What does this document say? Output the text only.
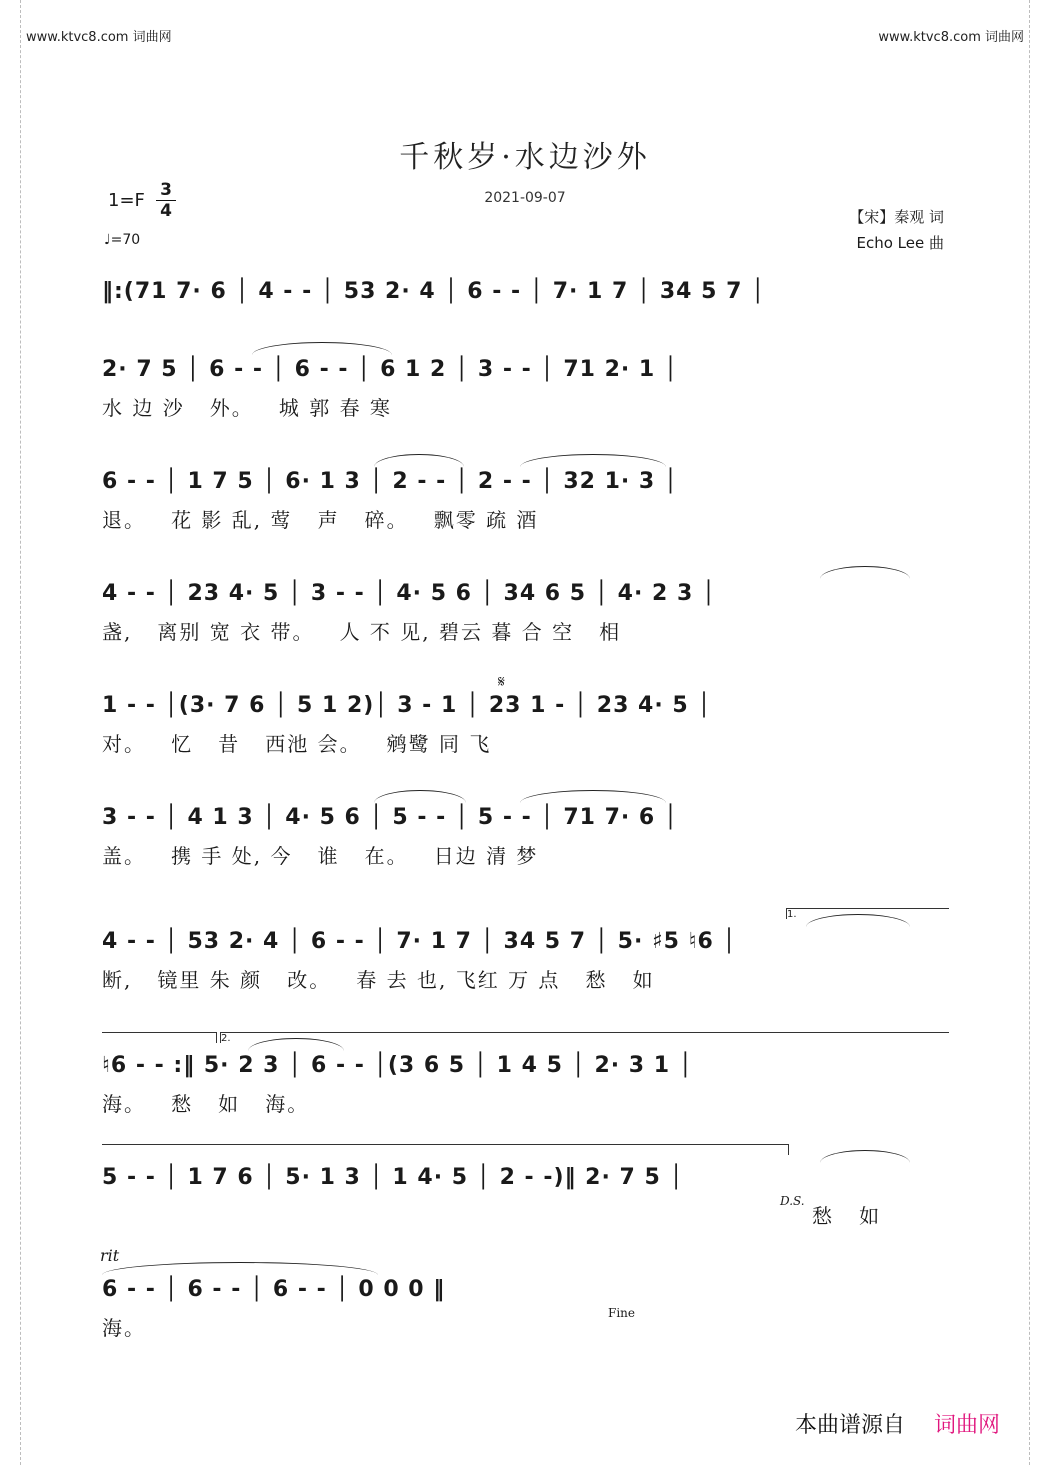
www.ktvc8.com 词曲网	www.ktvc8.com 词曲网
千秋岁·水边沙外
2021-09-07
1=F 3
4
♩=70
【宋】秦观 词
Echo Lee 曲
‖:(71 7· 6 │ 4 - - │ 53 2· 4 │ 6 - - │ 7· 1 7 │ 34 5 7 │
2· 7 5 │ 6 - - │ 6 - - │ 6 1 2 │ 3 - - │ 71 2· 1 │
水 边 沙   外。   城 郭 春 寒
6 - - │ 1 7 5 │ 6· 1 3 │ 2 - - │ 2 - - │ 32 1· 3 │
退。   花 影 乱, 莺   声   碎。   飘零 疏 酒
4 - - │ 23 4· 5 │ 3 - - │ 4· 5 6 │ 34 6 5 │ 4· 2 3 │
盏,   离别 宽 衣 带。   人 不 见, 碧云 暮 合 空   相
𝄋
1 - - │(3· 7 6 │ 5 1 2)│ 3 - 1 │ 23 1 - │ 23 4· 5 │
对。   忆   昔   西池 会。   鹓鹭 同 飞
3 - - │ 4 1 3 │ 4· 5 6 │ 5 - - │ 5 - - │ 71 7· 6 │
盖。   携 手 处, 今   谁   在。   日边 清 梦
1.
4 - - │ 53 2· 4 │ 6 - - │ 7· 1 7 │ 34 5 7 │ 5· ♯5 ♮6 │
断,   镜里 朱 颜   改。   春 去 也, 飞红 万 点   愁   如
2.
♮6 - - :‖ 5· 2 3 │ 6 - - │(3 6 5 │ 1 4 5 │ 2· 3 1 │
海。   愁   如   海。
D.S.
5 - - │ 1 7 6 │ 5· 1 3 │ 1 4· 5 │ 2 - -)‖ 2· 7 5 │
愁   如
rit
Fine
6 - - │ 6 - - │ 6 - - │ 0 0 0 ‖
海。
本曲谱源自 词曲网
